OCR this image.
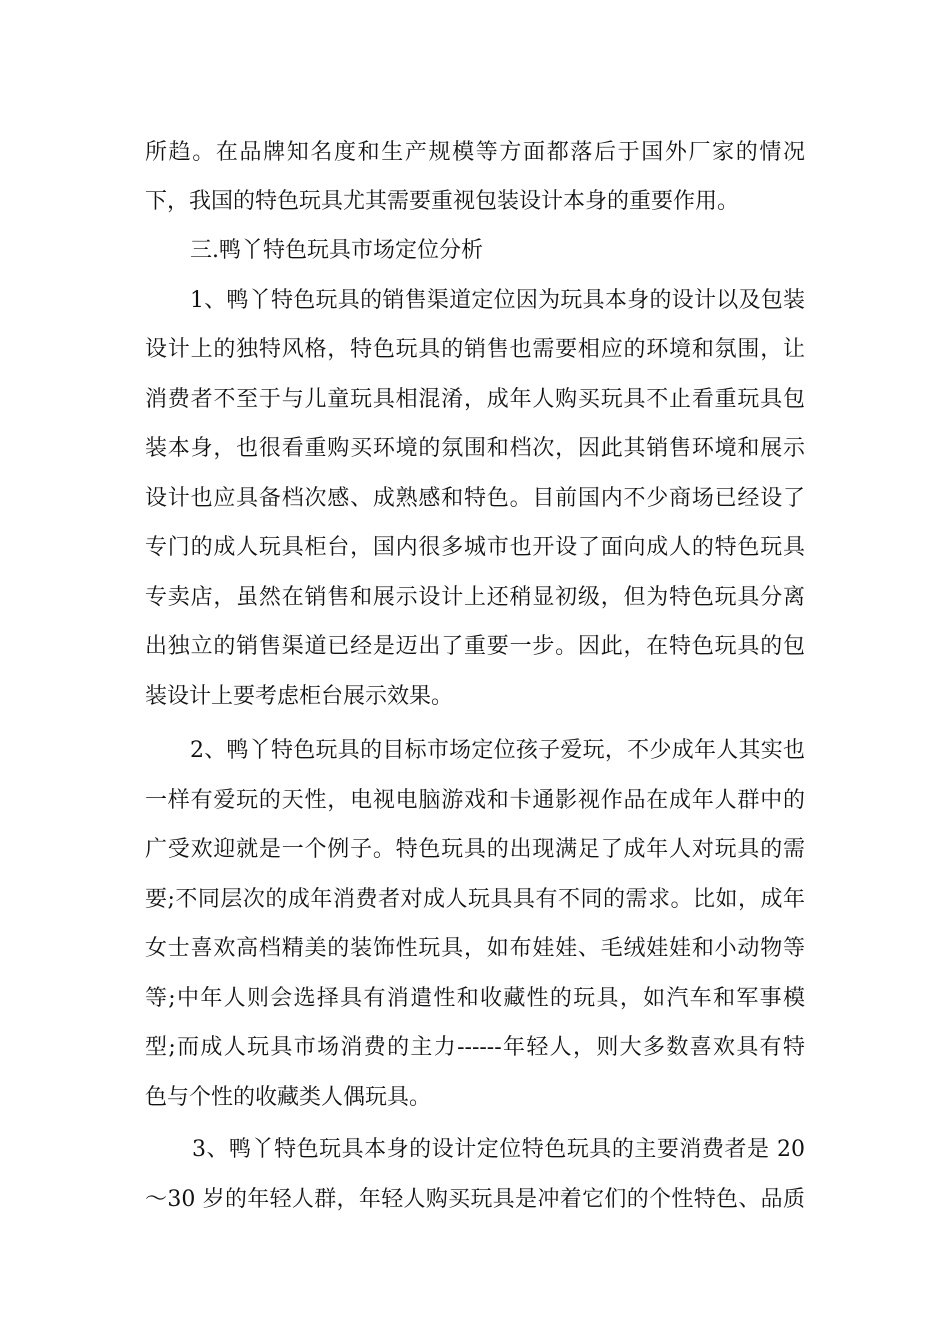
所趋。在品牌知名度和生产规模等方面都落后于国外厂家的情况
下，我国的特色玩具尤其需要重视包装设计本身的重要作用。
三.鸭丫特色玩具市场定位分析
1、鸭丫特色玩具的销售渠道定位因为玩具本身的设计以及包装
设计上的独特风格，特色玩具的销售也需要相应的环境和氛围，让
消费者不至于与儿童玩具相混淆，成年人购买玩具不止看重玩具包
装本身，也很看重购买环境的氛围和档次，因此其销售环境和展示
设计也应具备档次感、成熟感和特色。目前国内不少商场已经设了
专门的成人玩具柜台，国内很多城市也开设了面向成人的特色玩具
专卖店，虽然在销售和展示设计上还稍显初级，但为特色玩具分离
出独立的销售渠道已经是迈出了重要一步。因此，在特色玩具的包
装设计上要考虑柜台展示效果。
2、鸭丫特色玩具的目标市场定位孩子爱玩，不少成年人其实也
一样有爱玩的天性，电视电脑游戏和卡通影视作品在成年人群中的
广受欢迎就是一个例子。特色玩具的出现满足了成年人对玩具的需
要;不同层次的成年消费者对成人玩具具有不同的需求。比如，成年
女士喜欢高档精美的装饰性玩具，如布娃娃、毛绒娃娃和小动物等
等;中年人则会选择具有消遣性和收藏性的玩具，如汽车和军事模
型;而成人玩具市场消费的主力------年轻人，则大多数喜欢具有特
色与个性的收藏类人偶玩具。
3、鸭丫特色玩具本身的设计定位特色玩具的主要消费者是 20
～30 岁的年轻人群，年轻人购买玩具是冲着它们的个性特色、品质
